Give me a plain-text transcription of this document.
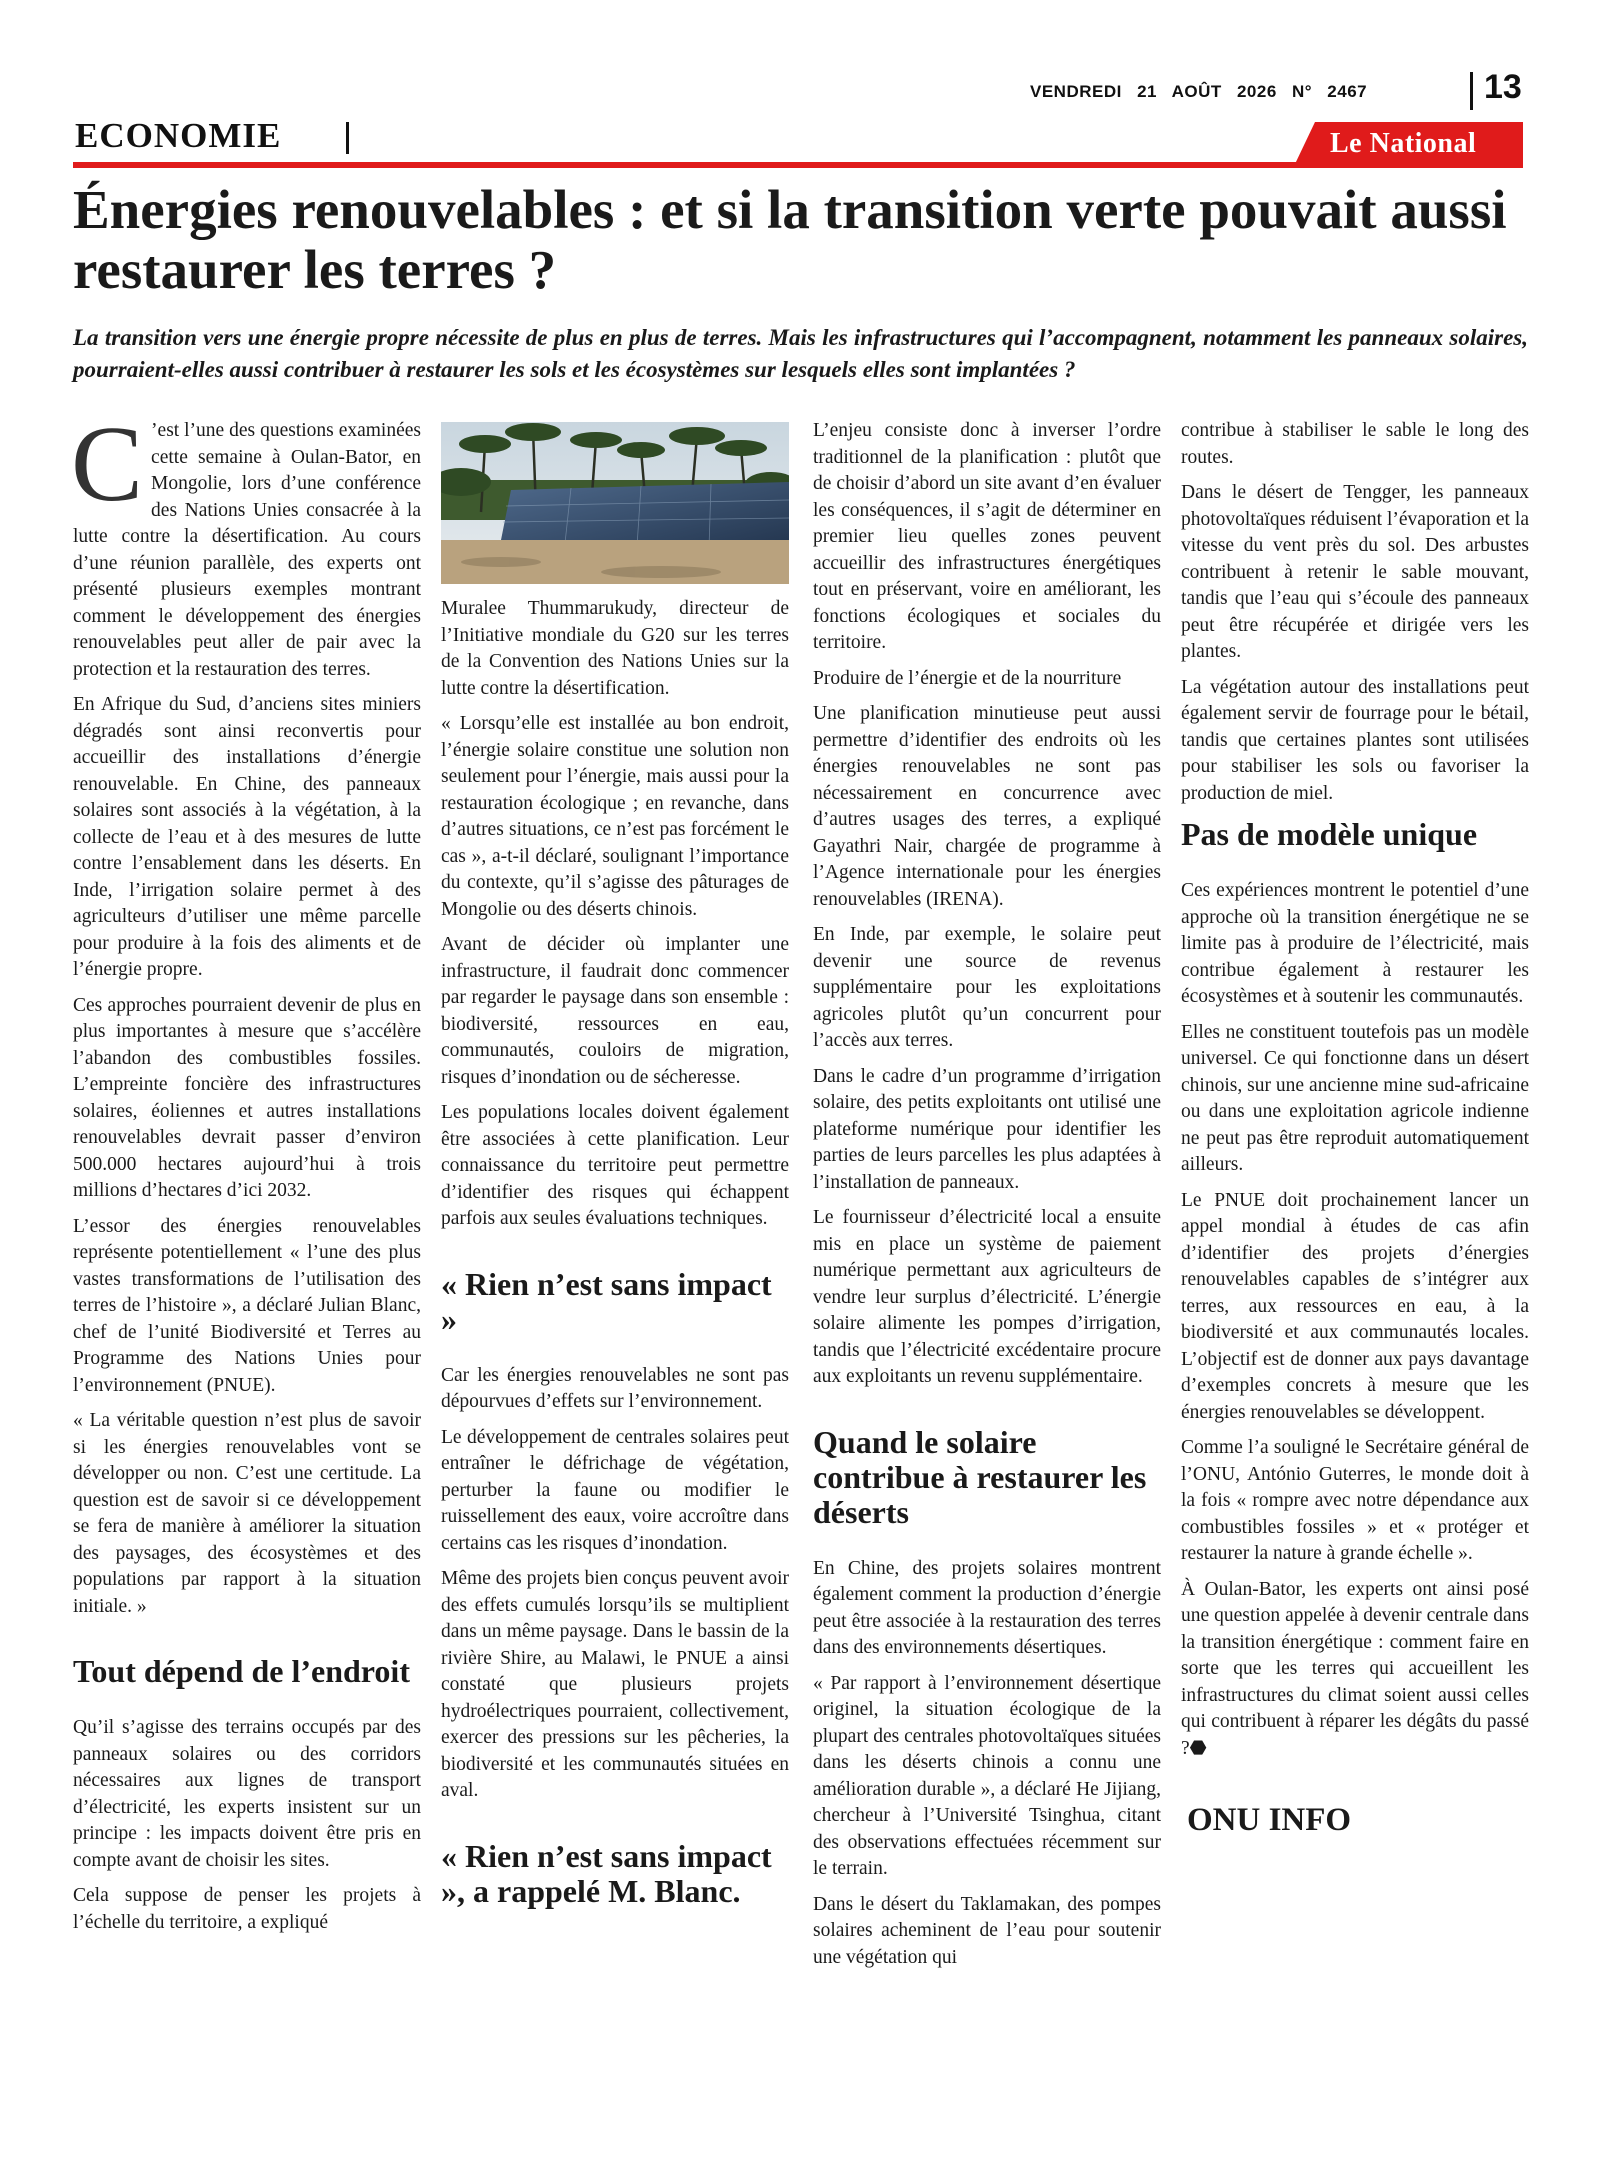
VENDREDI 21 AOÛT 2026 N° 2467	13
ECONOMIE	Le National
Énergies renouvelables : et si la transition verte pouvait aussi restaurer les terres ?

La transition vers une énergie propre nécessite de plus en plus de terres. Mais les infrastructures qui l’accompagnent, notamment les panneaux solaires, pourraient-elles aussi contribuer à restaurer les sols et les écosystèmes sur lesquels elles sont implantées ?

C ’est l’une des questions examinées cette semaine à Oulan-Bator, en Mongolie, lors d’une conférence des Nations Unies consacrée à la lutte contre la désertification. Au cours d’une réunion parallèle, des experts ont présenté plusieurs exemples montrant comment le développement des énergies renouvelables peut aller de pair avec la protection et la restauration des terres.

En Afrique du Sud, d’anciens sites miniers dégradés sont ainsi reconvertis pour accueillir des installations d’énergie renouvelable. En Chine, des panneaux solaires sont associés à la végétation, à la collecte de l’eau et à des mesures de lutte contre l’ensablement dans les déserts. En Inde, l’irrigation solaire permet à des agriculteurs d’utiliser une même parcelle pour produire à la fois des aliments et de l’énergie propre.

Ces approches pourraient devenir de plus en plus importantes à mesure que s’accélère l’abandon des combustibles fossiles. L’empreinte foncière des infrastructures solaires, éoliennes et autres installations renouvelables devrait passer d’environ 500.000 hectares aujourd’hui à trois millions d’hectares d’ici 2032.

L’essor des énergies renouvelables représente potentiellement « l’une des plus vastes transformations de l’utilisation des terres de l’histoire », a déclaré Julian Blanc, chef de l’unité Biodiversité et Terres au Programme des Nations Unies pour l’environnement (PNUE).

« La véritable question n’est plus de savoir si les énergies renouvelables vont se développer ou non. C’est une certitude. La question est de savoir si ce développement se fera de manière à améliorer la situation des paysages, des écosystèmes et des populations par rapport à la situation initiale. »

Tout dépend de l’endroit

Qu’il s’agisse des terrains occupés par des panneaux solaires ou des corridors nécessaires aux lignes de transport d’électricité, les experts insistent sur un principe : les impacts doivent être pris en compte avant de choisir les sites.

Cela suppose de penser les projets à l’échelle du territoire, a expliqué

Muralee Thummarukudy, directeur de l’Initiative mondiale du G20 sur les terres de la Convention des Nations Unies sur la lutte contre la désertification.

« Lorsqu’elle est installée au bon endroit, l’énergie solaire constitue une solution non seulement pour l’énergie, mais aussi pour la restauration écologique ; en revanche, dans d’autres situations, ce n’est pas forcément le cas », a-t-il déclaré, soulignant l’importance du contexte, qu’il s’agisse des pâturages de Mongolie ou des déserts chinois.

Avant de décider où implanter une infrastructure, il faudrait donc commencer par regarder le paysage dans son ensemble : biodiversité, ressources en eau, communautés, couloirs de migration, risques d’inondation ou de sécheresse.

Les populations locales doivent également être associées à cette planification. Leur connaissance du territoire peut permettre d’identifier des risques qui échappent parfois aux seules évaluations techniques.

« Rien n’est sans impact »

Car les énergies renouvelables ne sont pas dépourvues d’effets sur l’environnement.

Le développement de centrales solaires peut entraîner le défrichage de végétation, perturber la faune ou modifier le ruissellement des eaux, voire accroître dans certains cas les risques d’inondation.

Même des projets bien conçus peuvent avoir des effets cumulés lorsqu’ils se multiplient dans un même paysage. Dans le bassin de la rivière Shire, au Malawi, le PNUE a ainsi constaté que plusieurs projets hydroélectriques pourraient, collectivement, exercer des pressions sur les pêcheries, la biodiversité et les communautés situées en aval.

« Rien n’est sans impact », a rappelé M. Blanc.

L’enjeu consiste donc à inverser l’ordre traditionnel de la planification : plutôt que de choisir d’abord un site avant d’en évaluer les conséquences, il s’agit de déterminer en premier lieu quelles zones peuvent accueillir des infrastructures énergétiques tout en préservant, voire en améliorant, les fonctions écologiques et sociales du territoire.

Produire de l’énergie et de la nourriture

Une planification minutieuse peut aussi permettre d’identifier des endroits où les énergies renouvelables ne sont pas nécessairement en concurrence avec d’autres usages des terres, a expliqué Gayathri Nair, chargée de programme à l’Agence internationale pour les énergies renouvelables (IRENA).

En Inde, par exemple, le solaire peut devenir une source de revenus supplémentaire pour les exploitations agricoles plutôt qu’un concurrent pour l’accès aux terres.

Dans le cadre d’un programme d’irrigation solaire, des petits exploitants ont utilisé une plateforme numérique pour identifier les parties de leurs parcelles les plus adaptées à l’installation de panneaux.

Le fournisseur d’électricité local a ensuite mis en place un système de paiement numérique permettant aux agriculteurs de vendre leur surplus d’électricité. L’énergie solaire alimente les pompes d’irrigation, tandis que l’électricité excédentaire procure aux exploitants un revenu supplémentaire.

Quand le solaire contribue à restaurer les déserts

En Chine, des projets solaires montrent également comment la production d’énergie peut être associée à la restauration des terres dans des environnements désertiques.

« Par rapport à l’environnement désertique originel, la situation écologique de la plupart des centrales photovoltaïques situées dans les déserts chinois a connu une amélioration durable », a déclaré He Jijiang, chercheur à l’Université Tsinghua, citant des observations effectuées récemment sur le terrain.

Dans le désert du Taklamakan, des pompes solaires acheminent de l’eau pour soutenir une végétation qui

contribue à stabiliser le sable le long des routes.

Dans le désert de Tengger, les panneaux photovoltaïques réduisent l’évaporation et la vitesse du vent près du sol. Des arbustes contribuent à retenir le sable mouvant, tandis que l’eau qui s’écoule des panneaux peut être récupérée et dirigée vers les plantes.

La végétation autour des installations peut également servir de fourrage pour le bétail, tandis que certaines plantes sont utilisées pour stabiliser les sols ou favoriser la production de miel.

Pas de modèle unique

Ces expériences montrent le potentiel d’une approche où la transition énergétique ne se limite pas à produire de l’électricité, mais contribue également à restaurer les écosystèmes et à soutenir les communautés.

Elles ne constituent toutefois pas un modèle universel. Ce qui fonctionne dans un désert chinois, sur une ancienne mine sud-africaine ou dans une exploitation agricole indienne ne peut pas être reproduit automatiquement ailleurs.

Le PNUE doit prochainement lancer un appel mondial à études de cas afin d’identifier des projets d’énergies renouvelables capables de s’intégrer aux terres, aux ressources en eau, à la biodiversité et aux communautés locales. L’objectif est de donner aux pays davantage d’exemples concrets à mesure que les énergies renouvelables se développent.

Comme l’a souligné le Secrétaire général de l’ONU, António Guterres, le monde doit à la fois « rompre avec notre dépendance aux combustibles fossiles » et « protéger et restaurer la nature à grande échelle ».

À Oulan-Bator, les experts ont ainsi posé une question appelée à devenir centrale dans la transition énergétique : comment faire en sorte que les terres qui accueillent les infrastructures du climat soient aussi celles qui contribuent à réparer les dégâts du passé ?⬣

ONU INFO
